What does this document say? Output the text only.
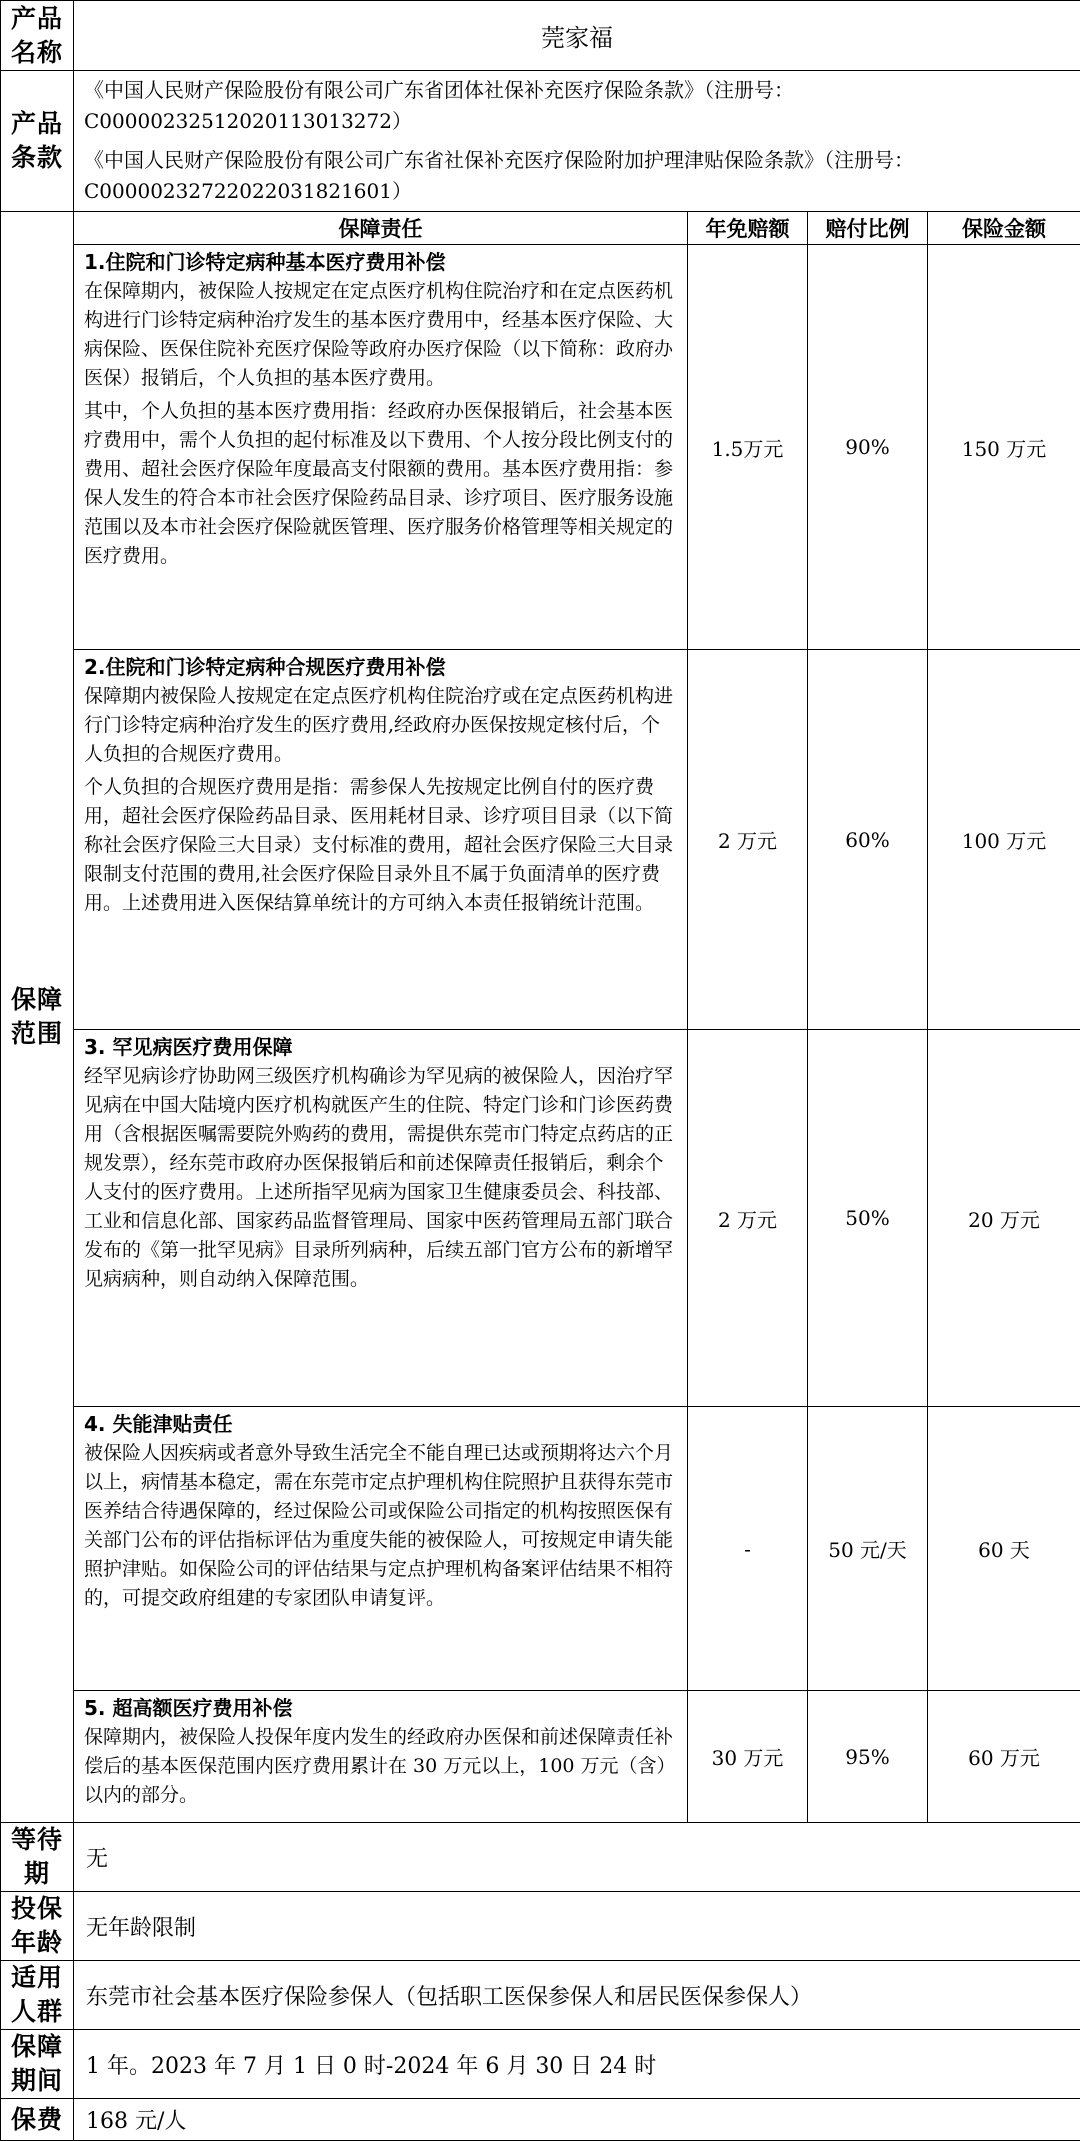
产品名称	莞家福			
产品条款	《中国人民财产保险股份有限公司广东省团体社保补充医疗保险条款》（注册号：C00000232512020113013272）

《中国人民财产保险股份有限公司广东省社保补充医疗保险附加护理津贴保险条款》（注册号：C00000232722022031821601）			

保障范围	保障责任	年免赔额	赔付比例	保险金额

	1.住院和门诊特定病种基本医疗费用补偿

在保障期内，被保险人按规定在定点医疗机构住院治疗和在定点医药机构进行门诊特定病种治疗发生的基本医疗费用中，经基本医疗保险、大病保险、医保住院补充医疗保险等政府办医疗保险（以下简称：政府办医保）报销后，个人负担的基本医疗费用。

其中，个人负担的基本医疗费用指：经政府办医保报销后，社会基本医疗费用中，需个人负担的起付标准及以下费用、个人按分段比例支付的费用、超社会医疗保险年度最高支付限额的费用。基本医疗费用指：参保人发生的符合本市社会医疗保险药品目录、诊疗项目、医疗服务设施范围以及本市社会医疗保险就医管理、医疗服务价格管理等相关规定的医疗费用。	1.5万元	90%	150 万元

	2.住院和门诊特定病种合规医疗费用补偿

保障期内被保险人按规定在定点医疗机构住院治疗或在定点医药机构进行门诊特定病种治疗发生的医疗费用,经政府办医保按规定核付后，个人负担的合规医疗费用。

个人负担的合规医疗费用是指：需参保人先按规定比例自付的医疗费用，超社会医疗保险药品目录、医用耗材目录、诊疗项目目录（以下简称社会医疗保险三大目录）支付标准的费用，超社会医疗保险三大目录限制支付范围的费用,社会医疗保险目录外且不属于负面清单的医疗费用。上述费用进入医保结算单统计的方可纳入本责任报销统计范围。	2 万元	60%	100 万元

	3. 罕见病医疗费用保障

经罕见病诊疗协助网三级医疗机构确诊为罕见病的被保险人，因治疗罕见病在中国大陆境内医疗机构就医产生的住院、特定门诊和门诊医药费用（含根据医嘱需要院外购药的费用，需提供东莞市门特定点药店的正规发票），经东莞市政府办医保报销后和前述保障责任报销后，剩余个人支付的医疗费用。上述所指罕见病为国家卫生健康委员会、科技部、工业和信息化部、国家药品监督管理局、国家中医药管理局五部门联合发布的《第一批罕见病》目录所列病种，后续五部门官方公布的新增罕见病病种，则自动纳入保障范围。	2 万元	50%	20 万元

	4. 失能津贴责任

被保险人因疾病或者意外导致生活完全不能自理已达或预期将达六个月以上，病情基本稳定，需在东莞市定点护理机构住院照护且获得东莞市医养结合待遇保障的，经过保险公司或保险公司指定的机构按照医保有关部门公布的评估指标评估为重度失能的被保险人，可按规定申请失能照护津贴。如保险公司的评估结果与定点护理机构备案评估结果不相符的，可提交政府组建的专家团队申请复评。	-	50 元/天	60 天

	5. 超高额医疗费用补偿

保障期内，被保险人投保年度内发生的经政府办医保和前述保障责任补偿后的基本医保范围内医疗费用累计在 30 万元以上，100 万元（含）以内的部分。	30 万元	95%	60 万元
等待期	无			
投保年龄	无年龄限制			
适用人群	东莞市社会基本医疗保险参保人（包括职工医保参保人和居民医保参保人）			
保障期间	1 年。2023 年 7 月 1 日 0 时-2024 年 6 月 30 日 24 时			
保费	168 元/人			
